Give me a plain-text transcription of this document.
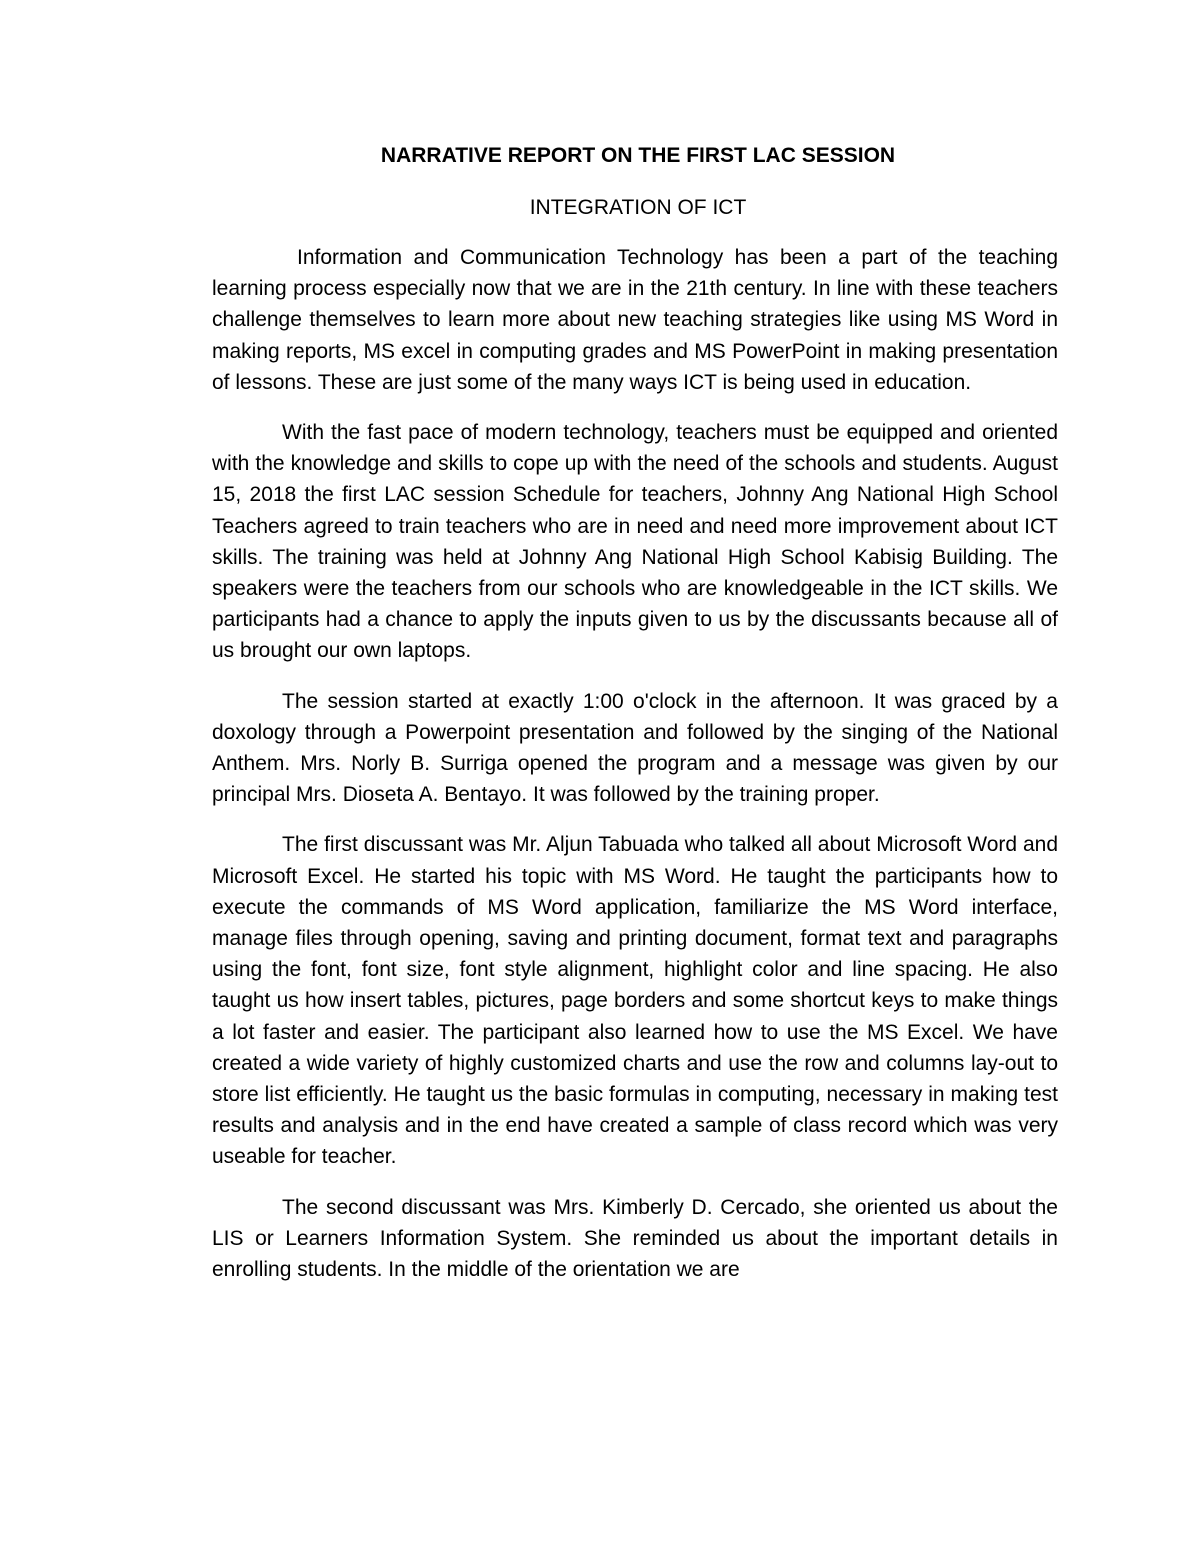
NARRATIVE REPORT ON THE FIRST LAC SESSION
INTEGRATION OF ICT

Information and Communication Technology has been a part of the teaching learning process especially now that we are in the 21th century. In line with these teachers challenge themselves to learn more about new teaching strategies like using MS Word in making reports, MS excel in computing grades and MS PowerPoint in making presentation of lessons. These are just some of the many ways ICT is being used in education.

With the fast pace of modern technology, teachers must be equipped and oriented with the knowledge and skills to cope up with the need of the schools and students. August 15, 2018 the first LAC session Schedule for teachers, Johnny Ang National High School Teachers agreed to train teachers who are in need and need more improvement about ICT skills. The training was held at Johnny Ang National High School Kabisig Building. The speakers were the teachers from our schools who are knowledgeable in the ICT skills. We participants had a chance to apply the inputs given to us by the discussants because all of us brought our own laptops.

The session started at exactly 1:00 o'clock in the afternoon. It was graced by a doxology through a Powerpoint presentation and followed by the singing of the National Anthem. Mrs. Norly B. Surriga opened the program and a message was given by our principal Mrs. Dioseta A. Bentayo. It was followed by the training proper.

The first discussant was Mr. Aljun Tabuada who talked all about Microsoft Word and Microsoft Excel. He started his topic with MS Word. He taught the participants how to execute the commands of MS Word application, familiarize the MS Word interface, manage files through opening, saving and printing document, format text and paragraphs using the font, font size, font style alignment, highlight color and line spacing. He also taught us how insert tables, pictures, page borders and some shortcut keys to make things a lot faster and easier. The participant also learned how to use the MS Excel. We have created a wide variety of highly customized charts and use the row and columns lay-out to store list efficiently. He taught us the basic formulas in computing, necessary in making test results and analysis and in the end have created a sample of class record which was very useable for teacher.

The second discussant was Mrs. Kimberly D. Cercado, she oriented us about the LIS or Learners Information System. She reminded us about the important details in enrolling students. In the middle of the orientation we are
